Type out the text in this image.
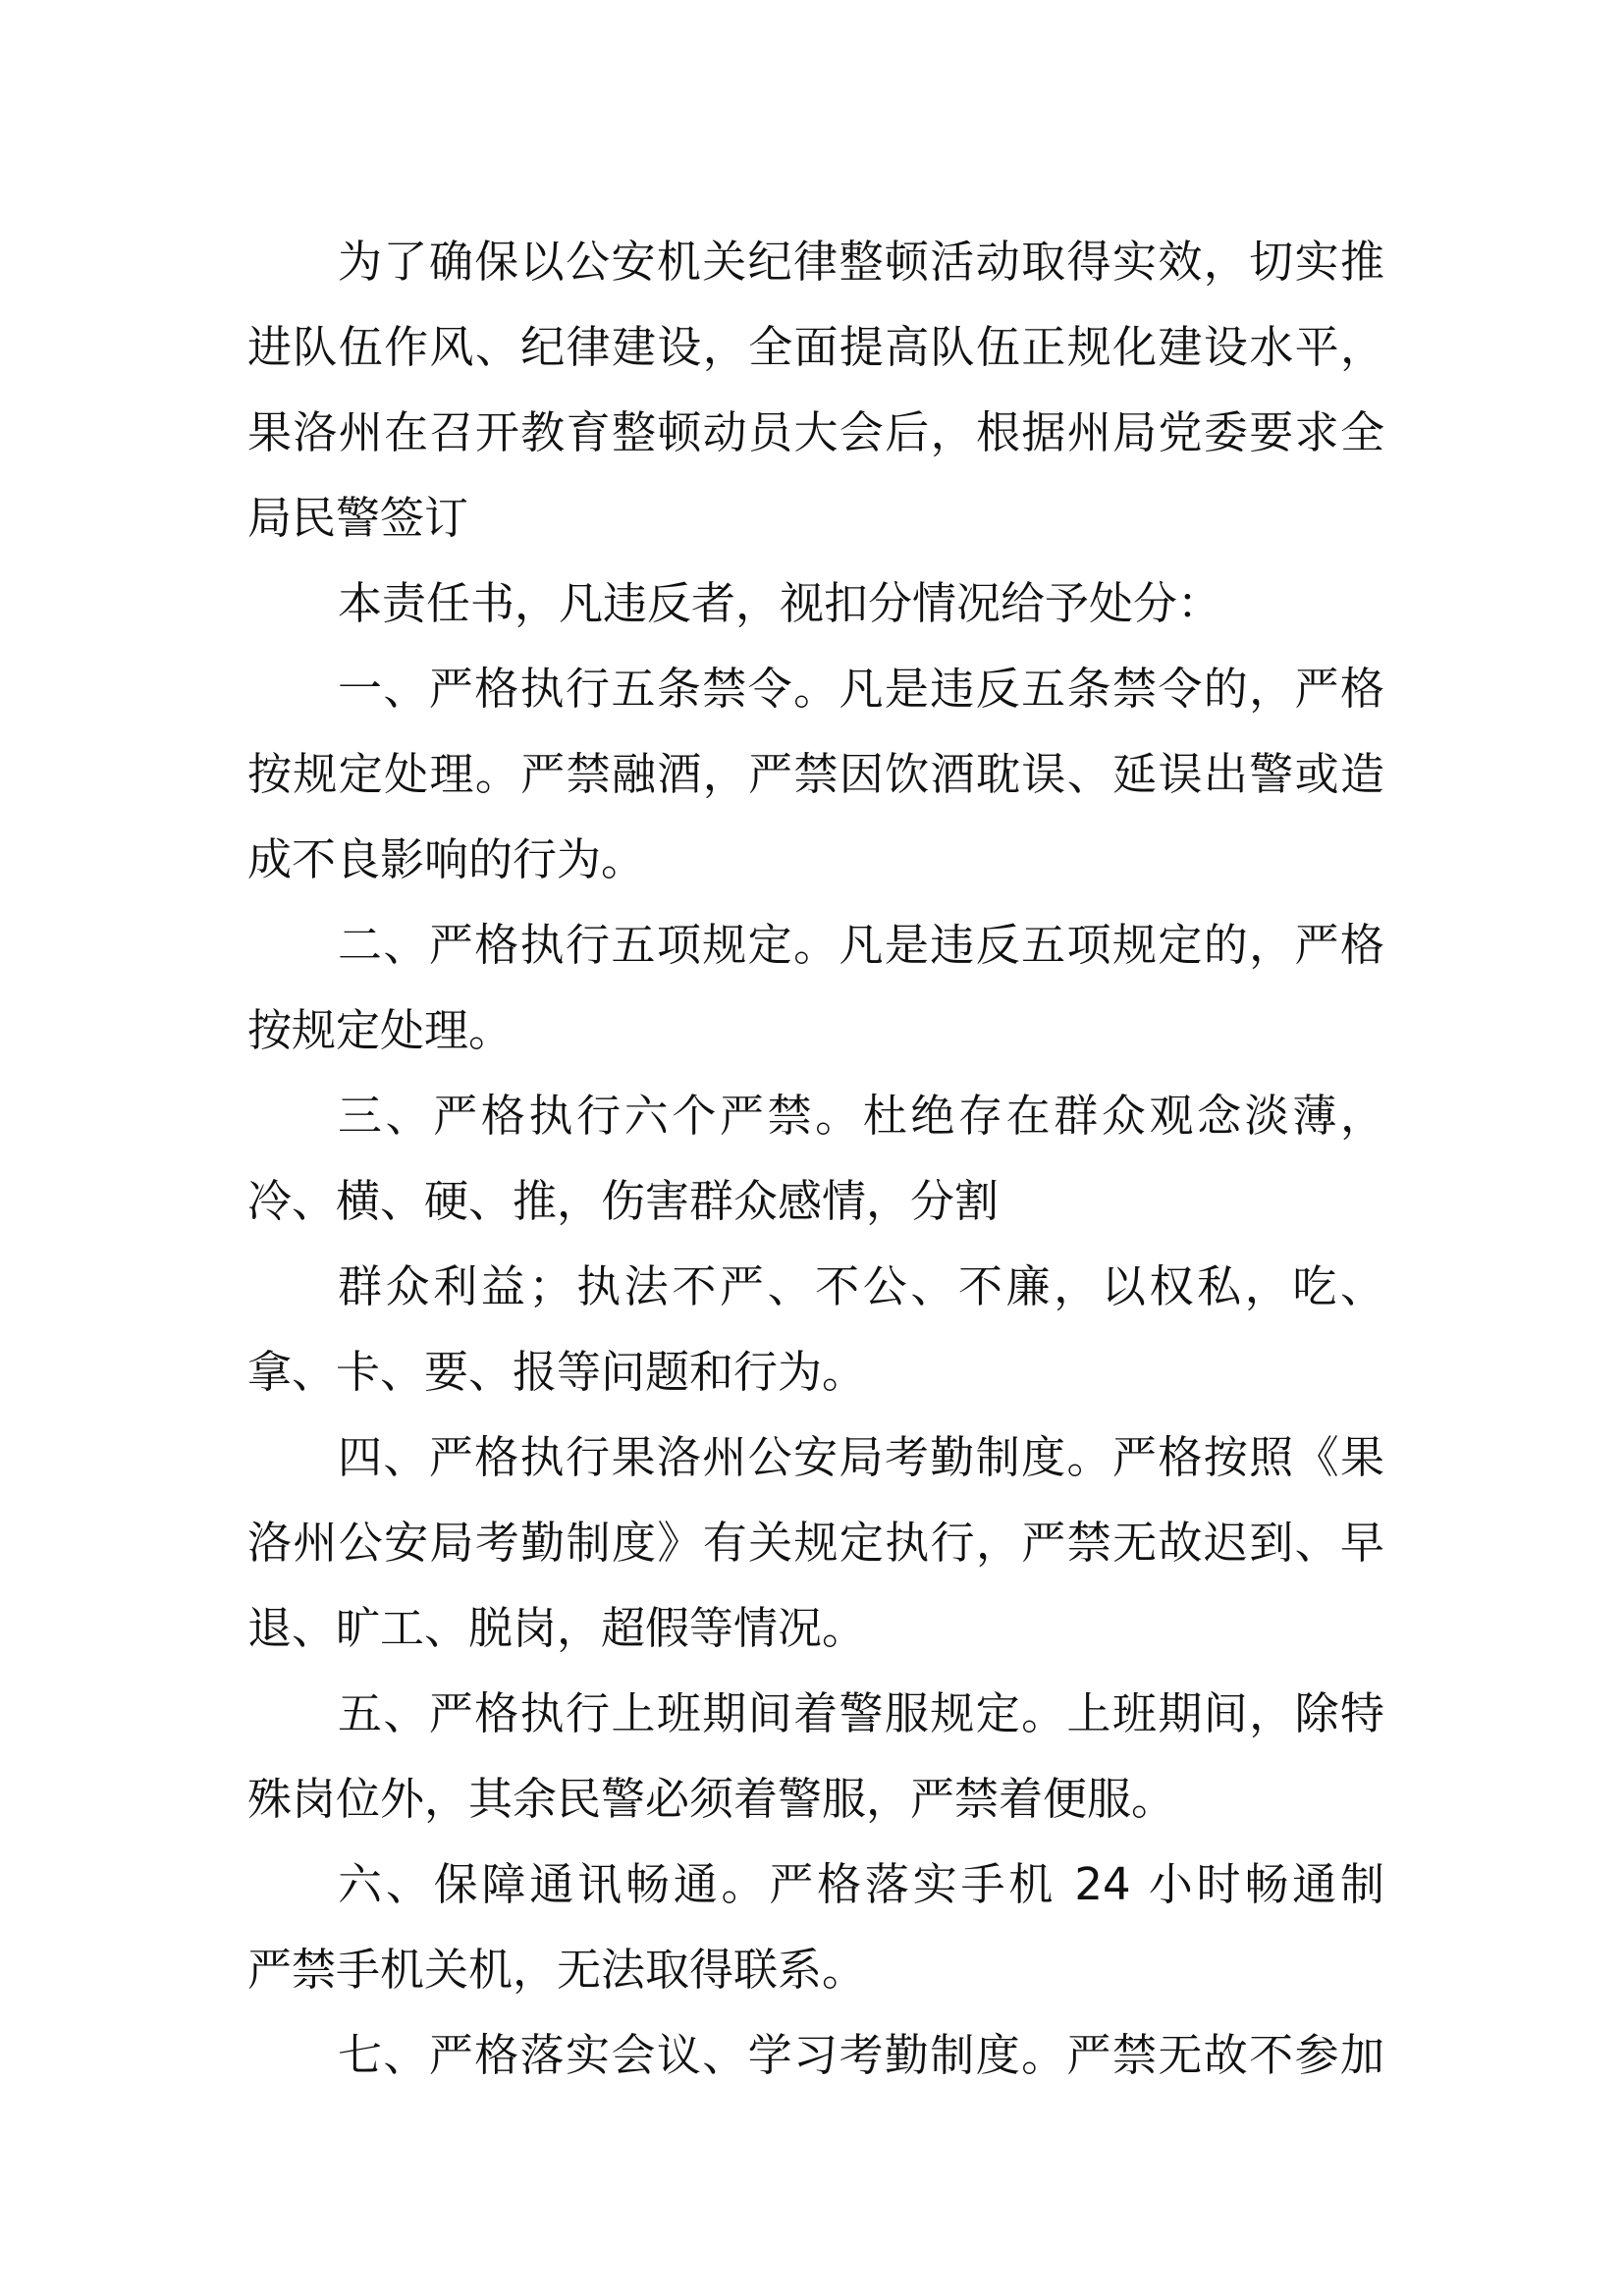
为了确保以公安机关纪律整顿活动取得实效，切实推
进队伍作风、纪律建设，全面提高队伍正规化建设水平，
果洛州在召开教育整顿动员大会后，根据州局党委要求全
局民警签订
本责任书，凡违反者，视扣分情况给予处分：
一、严格执行五条禁令。凡是违反五条禁令的，严格
按规定处理。严禁融酒，严禁因饮酒耽误、延误出警或造
成不良影响的行为。
二、严格执行五项规定。凡是违反五项规定的，严格
按规定处理。
三、严格执行六个严禁。杜绝存在群众观念淡薄，
冷、横、硬、推，伤害群众感情，分割
群众利益；执法不严、不公、不廉，以权私，吃、
拿、卡、要、报等问题和行为。
四、严格执行果洛州公安局考勤制度。严格按照《果
洛州公安局考勤制度》有关规定执行，严禁无故迟到、早
退、旷工、脱岗，超假等情况。
五、严格执行上班期间着警服规定。上班期间，除特
殊岗位外，其余民警必须着警服，严禁着便服。
六、保障通讯畅通。严格落实手机 24 小时畅通制
严禁手机关机，无法取得联系。
七、严格落实会议、学习考勤制度。严禁无故不参加
